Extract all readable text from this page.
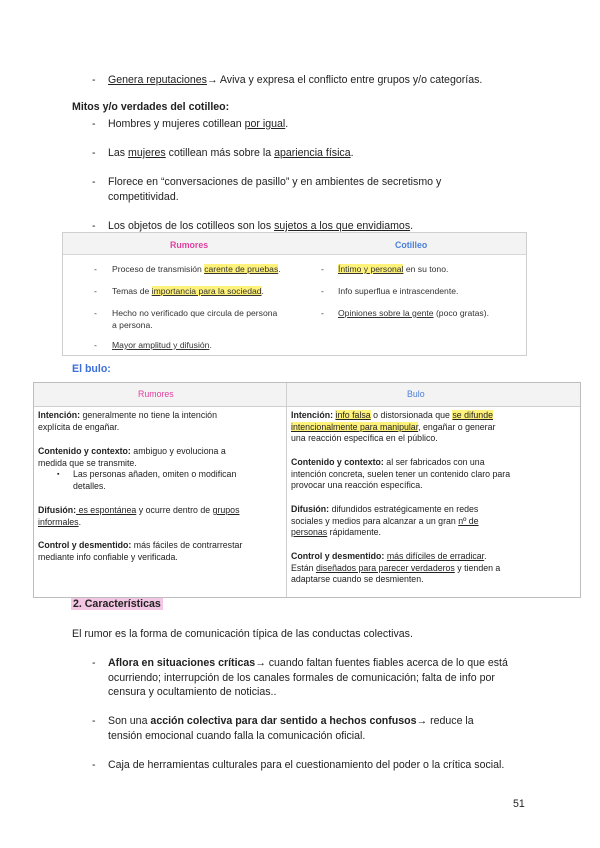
- Genera reputaciones→ Aviva y expresa el conflicto entre grupos y/o categorías.
Mitos y/o verdades del cotilleo:
- Hombres y mujeres cotillean por igual.
- Las mujeres cotillean más sobre la apariencia física.
- Florece en “conversaciones de pasillo” y en ambientes de secretismo y
competitividad.
- Los objetos de los cotilleos son los sujetos a los que envidiamos.
Rumores	Cotilleo
- Proceso de transmisión carente de pruebas.
- Temas de importancia para la sociedad.
- Hecho no verificado que circula de persona
a persona.
- Mayor amplitud y difusión.
- Íntimo y personal en su tono.
- Info superflua e intrascendente.
- Opiniones sobre la gente (poco gratas).
El bulo:
Rumores	Bulo
Intención: generalmente no tiene la intención
explícita de engañar.
Contenido y contexto: ambiguo y evoluciona a
medida que se transmite.
▪ Las personas añaden, omiten o modifican
detalles.
Difusión: es espontánea y ocurre dentro de grupos
informales.
Control y desmentido: más fáciles de contrarrestar
mediante info confiable y verificada.
Intención: info falsa o distorsionada que se difunde
intencionalmente para manipular, engañar o generar
una reacción específica en el público.
Contenido y contexto: al ser fabricados con una
intención concreta, suelen tener un contenido claro para
provocar una reacción específica.
Difusión: difundidos estratégicamente en redes
sociales y medios para alcanzar a un gran nº de
personas rápidamente.
Control y desmentido: más difíciles de erradicar.
Están diseñados para parecer verdaderos y tienden a
adaptarse cuando se desmienten.
2. Características
El rumor es la forma de comunicación típica de las conductas colectivas.
- Aflora en situaciones críticas→ cuando faltan fuentes fiables acerca de lo que está
ocurriendo; interrupción de los canales formales de comunicación; falta de info por
censura y ocultamiento de noticias..
- Son una acción colectiva para dar sentido a hechos confusos→ reduce la
tensión emocional cuando falla la comunicación oficial.
- Caja de herramientas culturales para el cuestionamiento del poder o la crítica social.
51
